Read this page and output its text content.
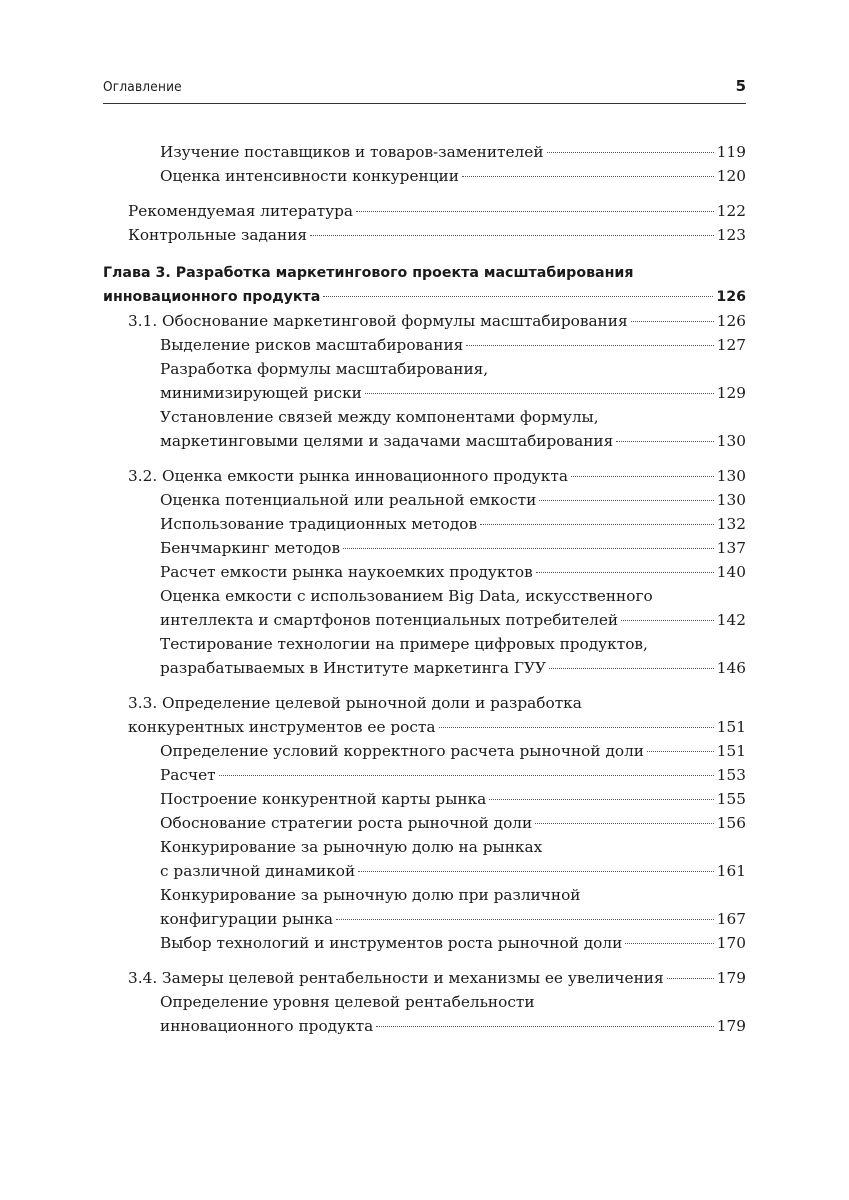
Оглавление	5
Изучение поставщиков и товаров-заменителей	119
Оценка интенсивности конкуренции	120
Рекомендуемая литература	122
Контрольные задания	123
Глава 3. Разработка маркетингового проекта масштабирования
инновационного продукта	126
3.1. Обоснование маркетинговой формулы масштабирования	126
Выделение рисков масштабирования	127
Разработка формулы масштабирования,
минимизирующей риски	129
Установление связей между компонентами формулы,
маркетинговыми целями и задачами масштабирования	130
3.2. Оценка емкости рынка инновационного продукта	130
Оценка потенциальной или реальной емкости	130
Использование традиционных методов	132
Бенчмаркинг методов	137
Расчет емкости рынка наукоемких продуктов	140
Оценка емкости с использованием Big Data, искусственного
интеллекта и смартфонов потенциальных потребителей	142
Тестирование технологии на примере цифровых продуктов,
разрабатываемых в Институте маркетинга ГУУ	146
3.3. Определение целевой рыночной доли и разработка
конкурентных инструментов ее роста	151
Определение условий корректного расчета рыночной доли	151
Расчет	153
Построение конкурентной карты рынка	155
Обоснование стратегии роста рыночной доли	156
Конкурирование за рыночную долю на рынках
с различной динамикой	161
Конкурирование за рыночную долю при различной
конфигурации рынка	167
Выбор технологий и инструментов роста рыночной доли	170
3.4. Замеры целевой рентабельности и механизмы ее увеличения	179
Определение уровня целевой рентабельности
инновационного продукта	179
